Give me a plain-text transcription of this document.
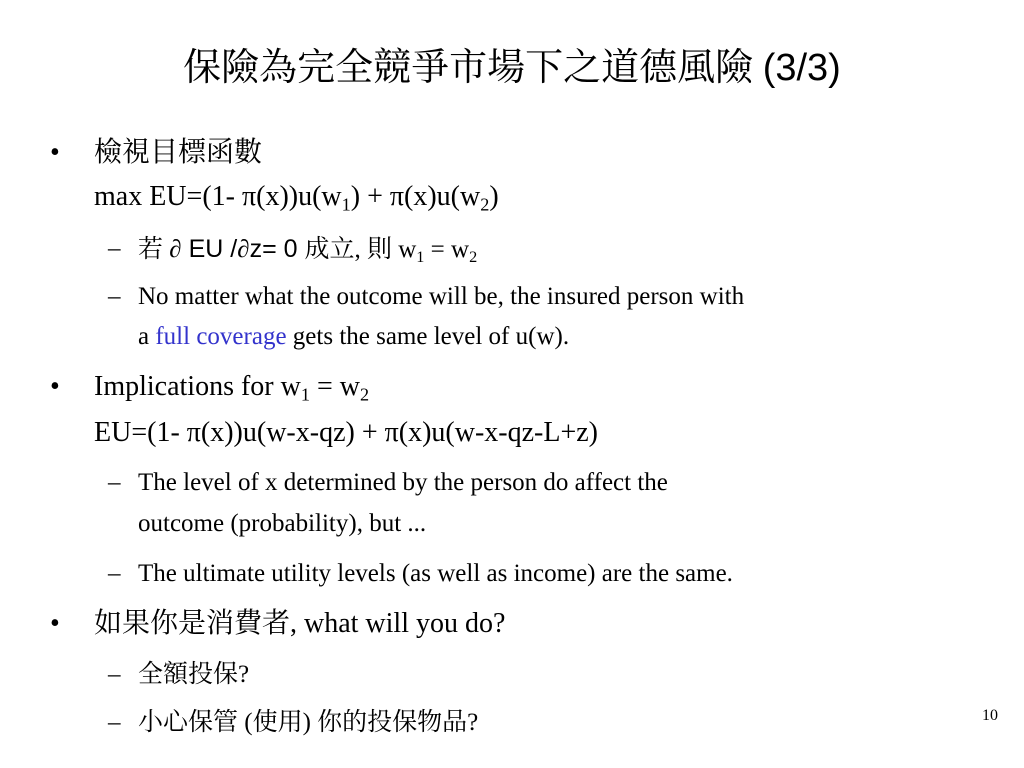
保險為完全競爭市場下之道德風險 (3/3)
• 檢視目標函數
max EU=(1- $\pi(x))u(w_1) + \pi(x)u(w_2)$
– 若 ∂ EU /∂z= 0 成立, 則 $w_1 = w_2$
– No matter what the outcome will be, the insured person with
a full coverage gets the same level of u(w).
• Implications for $w_1 = w_2$
EU=(1- π(x))u(w-x-qz) + π(x)u(w-x-qz-L+z)
– The level of x determined by the person do affect the
outcome (probability), but ...
– The ultimate utility levels (as well as income) are the same.
• 如果你是消費者, what will you do?
– 全額投保?
– 小心保管 (使用) 你的投保物品?	10
